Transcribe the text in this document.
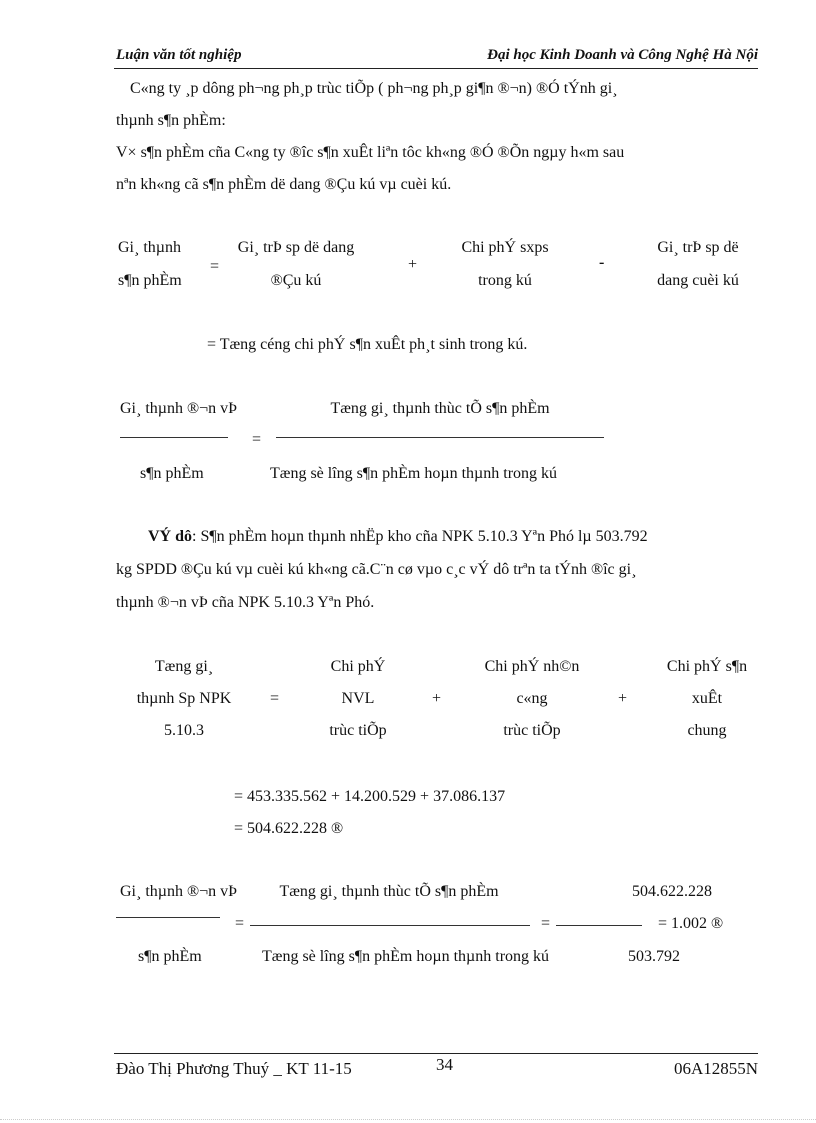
Luận văn tốt nghiệp	Đại học Kinh Doanh và Công Nghệ Hà Nội
C«ng ty ¸p dông ph¬ng ph¸p trùc tiÕp ( ph¬ng ph¸p gi¶n ®¬n) ®Ó tÝnh gi¸
thµnh s¶n phÈm:
V× s¶n phÈm cña C«ng ty ®îc s¶n xuÊt liªn tôc kh«ng ®Ó ®Õn ngµy h«m sau
nªn kh«ng cã s¶n phÈm dë dang ®Çu kú vµ cuèi kú.
Gi¸ thµnh
s¶n phÈm
=
Gi¸ trÞ sp dë dang
®Çu kú
+
Chi phÝ sxps
trong kú
-
Gi¸ trÞ sp dë
dang cuèi kú
= Tæng céng chi phÝ s¶n xuÊt ph¸t sinh trong kú.
Gi¸ thµnh ®¬n vÞ
s¶n phÈm
=
Tæng gi¸ thµnh thùc tÕ s¶n phÈm
Tæng sè lîng s¶n phÈm hoµn thµnh trong kú
VÝ dô: S¶n phÈm hoµn thµnh nhËp kho cña NPK 5.10.3 Yªn Phó lµ 503.792
kg SPDD ®Çu kú vµ cuèi kú kh«ng cã.C¨n cø vµo c¸c vÝ dô trªn ta tÝnh ®îc gi¸
thµnh ®¬n vÞ cña NPK 5.10.3 Yªn Phó.
Tæng gi¸
thµnh Sp NPK
5.10.3
=
Chi phÝ
NVL
trùc tiÕp
+
Chi phÝ nh©n
c«ng
trùc tiÕp
+
Chi phÝ s¶n
xuÊt
chung
= 453.335.562 + 14.200.529 + 37.086.137
= 504.622.228 ®
Gi¸ thµnh ®¬n vÞ
s¶n phÈm
=
Tæng gi¸ thµnh thùc tÕ s¶n phÈm
Tæng sè lîng s¶n phÈm hoµn thµnh trong kú
=
504.622.228
503.792
= 1.002 ®
Đào Thị Phương Thuý _ KT 11-15	34	06A12855N
